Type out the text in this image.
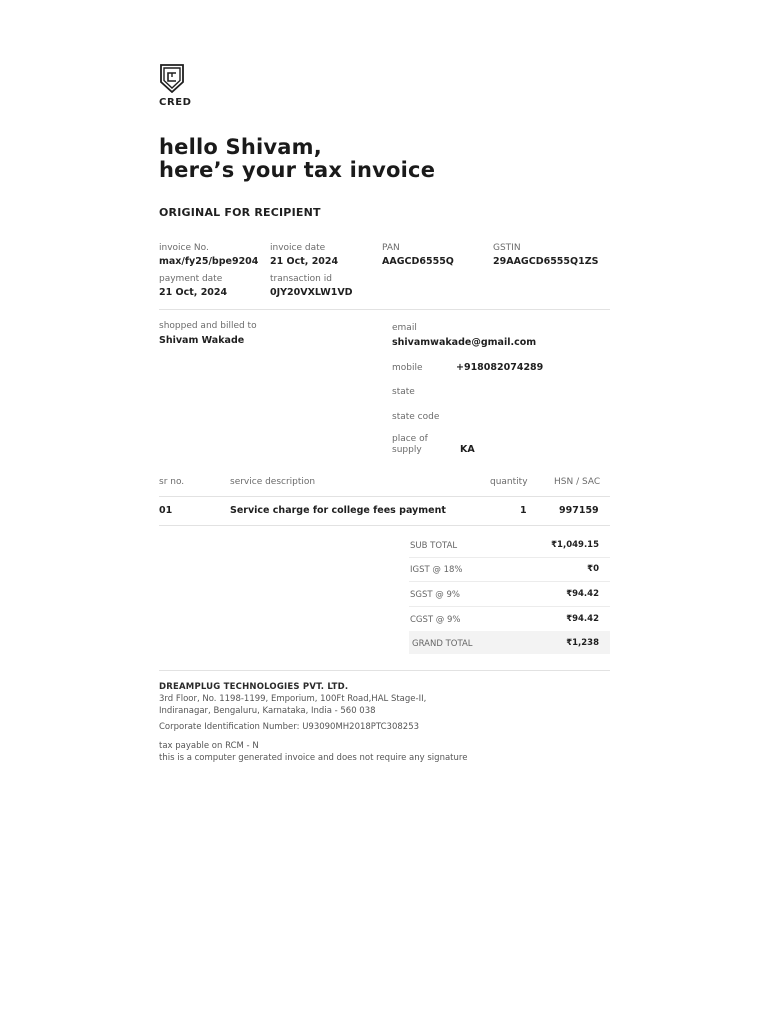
CRED
hello Shivam,
here’s your tax invoice
ORIGINAL FOR RECIPIENT
invoice No.
max/fy25/bpe9204
invoice date
21 Oct, 2024
PAN
AAGCD6555Q
GSTIN
29AAGCD6555Q1ZS
payment date
21 Oct, 2024
transaction id
0JY20VXLW1VD
shopped and billed to
Shivam Wakade
email
shivamwakade@gmail.com
mobile	+918082074289
state
state code
place of
supply	KA
sr no.	service description	quantity	HSN / SAC
01	Service charge for college fees payment	1	997159
SUB TOTAL	₹1,049.15
IGST @ 18%	₹0
SGST @ 9%	₹94.42
CGST @ 9%	₹94.42
GRAND TOTAL	₹1,238
DREAMPLUG TECHNOLOGIES PVT. LTD.
3rd Floor, No. 1198-1199, Emporium, 100Ft Road,HAL Stage-II,
Indiranagar, Bengaluru, Karnataka, India - 560 038
Corporate Identification Number: U93090MH2018PTC308253
tax payable on RCM - N
this is a computer generated invoice and does not require any signature
